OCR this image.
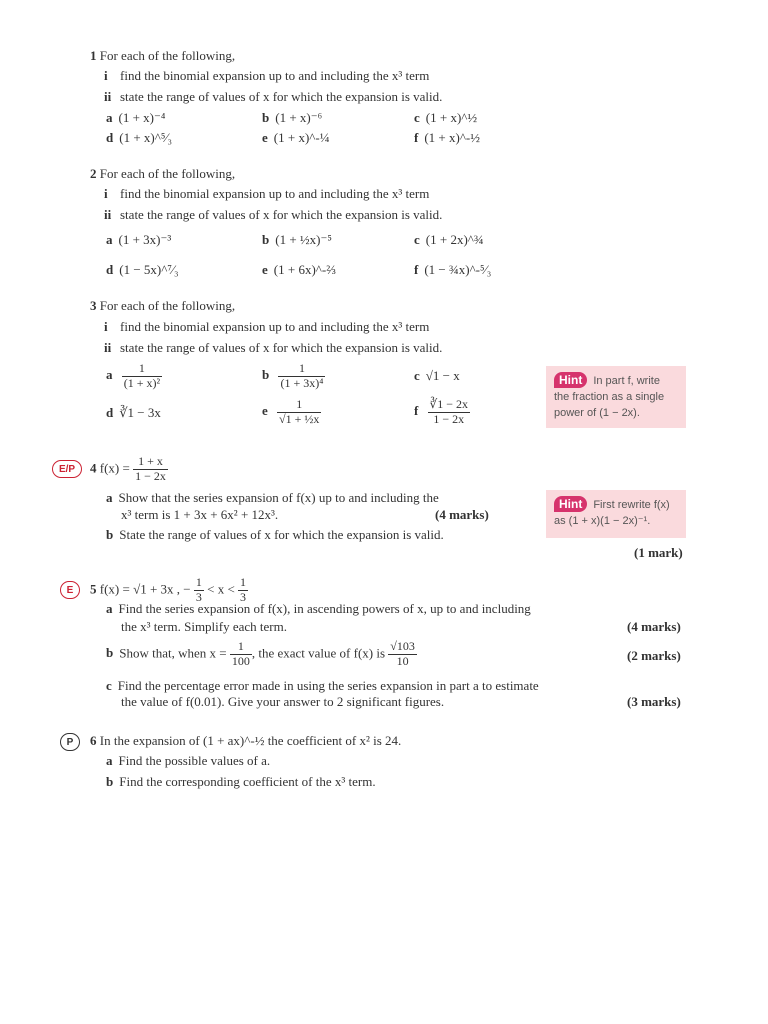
1 For each of the following,
i find the binomial expansion up to and including the x³ term
ii state the range of values of x for which the expansion is valid.
a (1 + x)⁻⁴	b (1 + x)⁻⁶	c (1 + x)^½
d (1 + x)^⁵⁄₃	e (1 + x)^-¼	f (1 + x)^-½
2 For each of the following,
i find the binomial expansion up to and including the x³ term
ii state the range of values of x for which the expansion is valid.
a (1 + 3x)⁻³	b (1 + ½x)⁻⁵	c (1 + 2x)^¾
d (1 − 5x)^⁷⁄₃	e (1 + 6x)^-⅔	f (1 − ¾x)^-⁵⁄₃
3 For each of the following,
i find the binomial expansion up to and including the x³ term
ii state the range of values of x for which the expansion is valid.
a $\frac{1}{\text{(1 + x)²}}$	b $\frac{1}{\text{(1 + 3x)⁴}}$	c √1 − x
d ∛1 − 3x	e $\frac{1}{\text{√1 + ½x}}$	f $\frac{∛1 - 2x}{1 - 2x}$
Hint In part f, write the fraction as a single power of (1 − 2x).
E/P	4 $f(x) = \frac{1 + x}{1 - 2x}$
a Show that the series expansion of f(x) up to and including the
x³ term is 1 + 3x + 6x² + 12x³.	(4 marks)
b State the range of values of x for which the expansion is valid.
(1 mark)
Hint First rewrite f(x) as (1 + x)(1 − 2x)⁻¹.
E	5 f(x) = √1 + 3x , − $\frac{1}{3} < x < \frac{1}{3}$
a Find the series expansion of f(x), in ascending powers of x, up to and including
the x³ term. Simplify each term.	(4 marks)
b Show that, when $x = \frac{1}{100}$ , the exact value of f(x) is $\frac{√103}{10}$	(2 marks)
c Find the percentage error made in using the series expansion in part a to estimate
the value of f(0.01). Give your answer to 2 significant figures.	(3 marks)
P	6 In the expansion of (1 + ax)^-½ the coefficient of x² is 24.
a Find the possible values of a.
b Find the corresponding coefficient of the x³ term.
